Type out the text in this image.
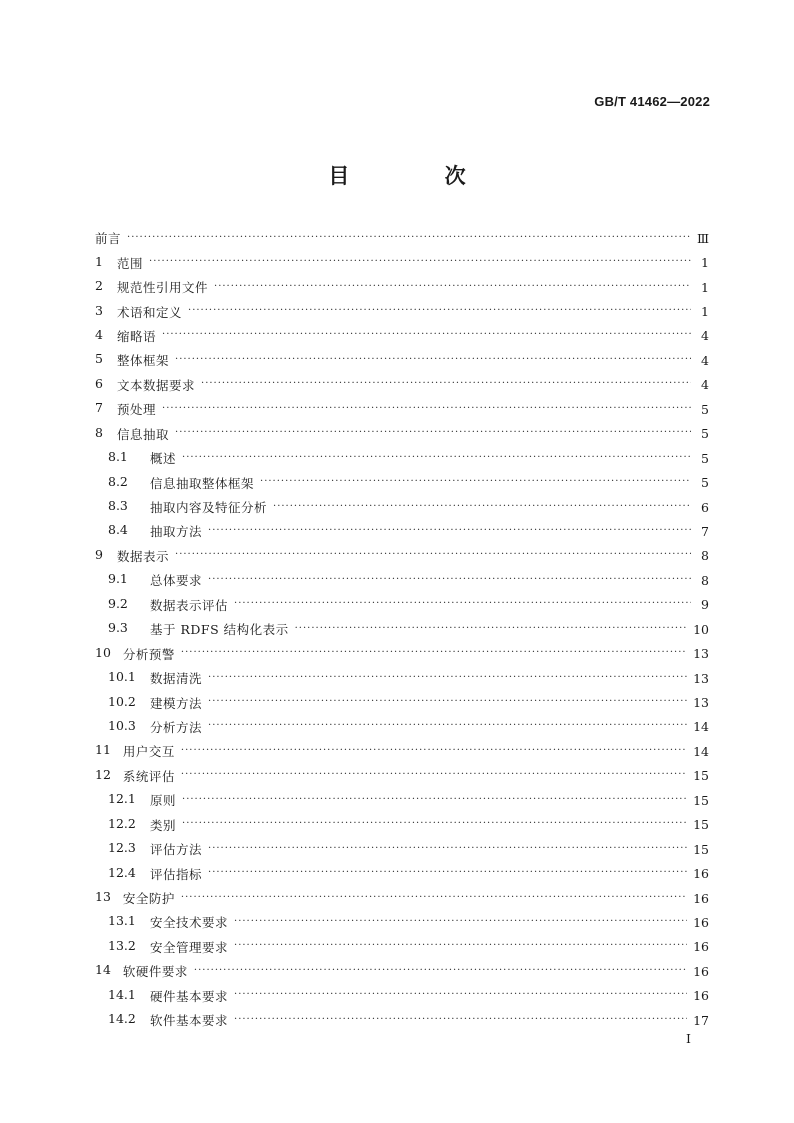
GB/T 41462—2022
目 次
前言 ·····	Ⅲ
1 范围 ·····	1
2 规范性引用文件 ·····	1
3 术语和定义 ·····	1
4 缩略语 ·····	4
5 整体框架 ·····	4
6 文本数据要求 ·····	4
7 预处理 ·····	5
8 信息抽取 ·····	5
8.1	概述 ·····	5
8.2	信息抽取整体框架 ·····	5
8.3	抽取内容及特征分析 ·····	6
8.4	抽取方法 ·····	7
9 数据表示 ·····	8
9.1	总体要求 ·····	8
9.2	数据表示评估 ·····	9
9.3	基于 RDFS 结构化表示 ·····	10
10 分析预警 ·····	13
10.1 数据清洗 ·····	13
10.2 建模方法 ·····	13
10.3 分析方法 ·····	14
11 用户交互 ·····	14
12 系统评估 ·····	15
12.1 原则 ·····	15
12.2 类别 ·····	15
12.3 评估方法 ·····	15
12.4 评估指标 ·····	16
13 安全防护 ·····	16
13.1 安全技术要求 ·····	16
13.2 安全管理要求 ·····	16
14 软硬件要求 ·····	16
14.1 硬件基本要求 ·····	16
14.2 软件基本要求 ·····	17
I
